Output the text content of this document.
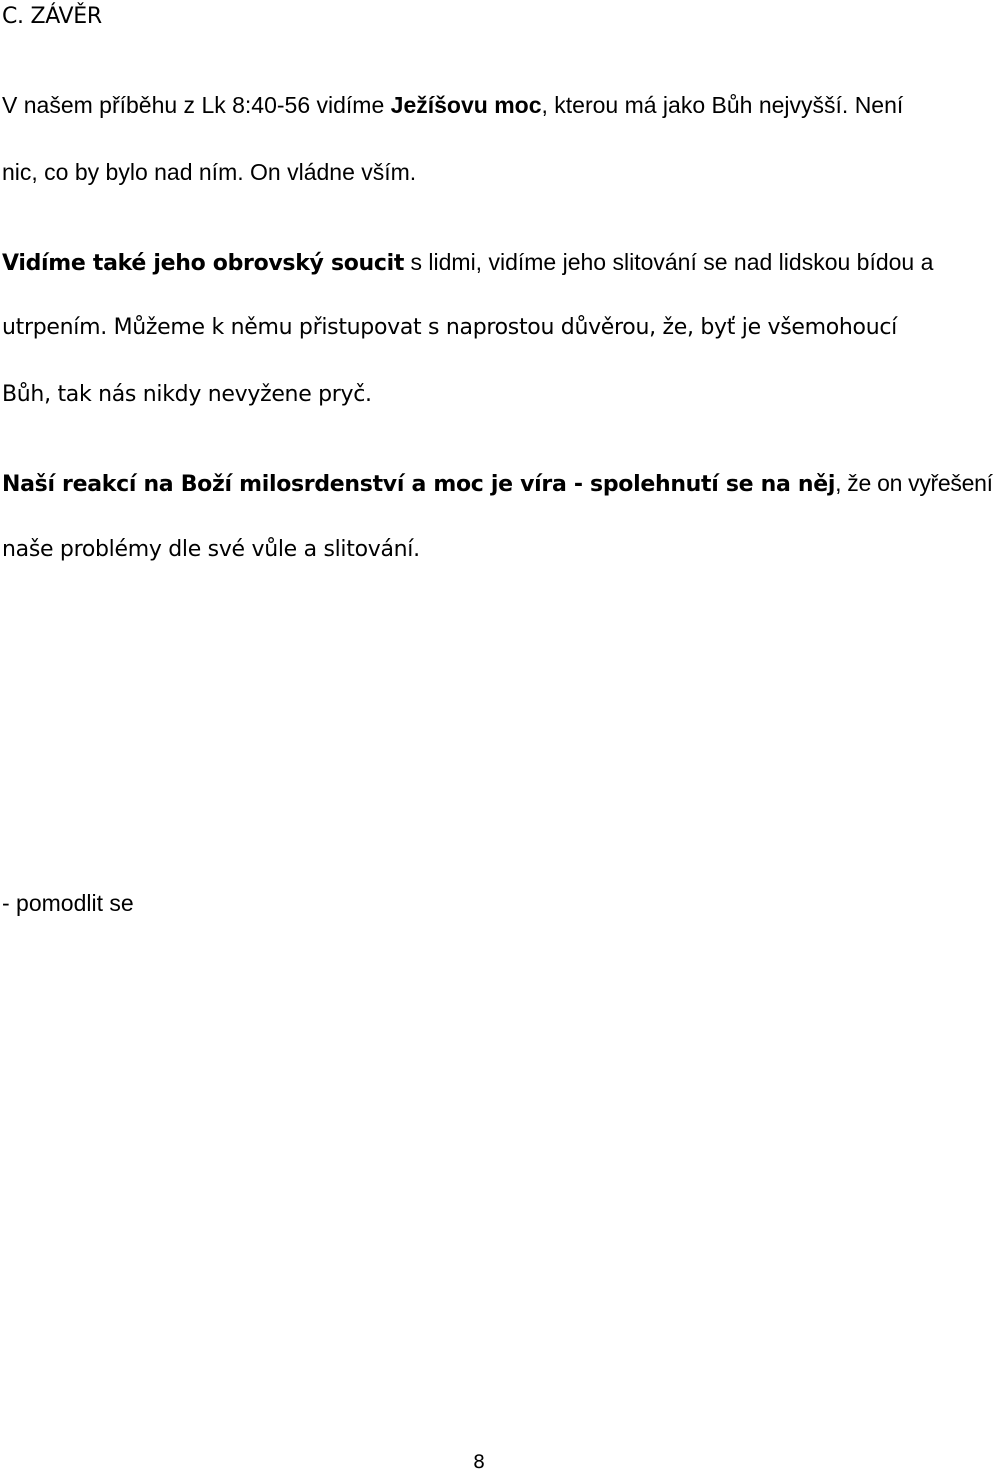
C. ZÁVĚR
V našem příběhu z Lk 8:40-56 vidíme Ježíšovu moc, kterou má jako Bůh nejvyšší. Není
nic, co by bylo nad ním. On vládne vším.
Vidíme také jeho obrovský soucit s lidmi, vidíme jeho slitování se nad lidskou bídou a
utrpením. Můžeme k němu přistupovat s naprostou důvěrou, že, byť je všemohoucí
Bůh, tak nás nikdy nevyžene pryč.
Naší reakcí na Boží milosrdenství a moc je víra - spolehnutí se na něj, že on vyřešení
naše problémy dle své vůle a slitování.
- pomodlit se
8
